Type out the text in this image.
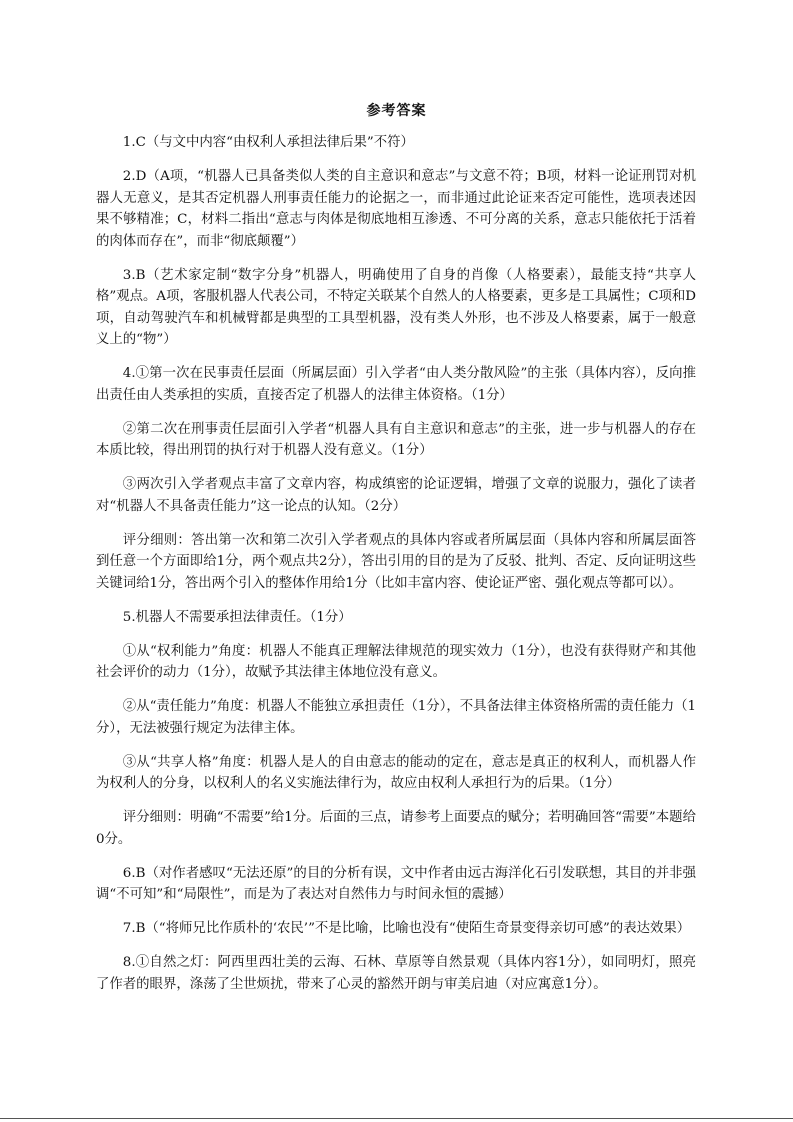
参考答案

1.C（与文中内容“由权利人承担法律后果”不符）

2.D（A项，“机器人已具备类似人类的自主意识和意志”与文意不符；B项，材料一论证刑罚对机器人无意义，是其否定机器人刑事责任能力的论据之一，而非通过此论证来否定可能性，选项表述因果不够精准；C，材料二指出“意志与肉体是彻底地相互渗透、不可分离的关系，意志只能依托于活着的肉体而存在”，而非“彻底颠覆”）

3.B（艺术家定制“数字分身”机器人，明确使用了自身的肖像（人格要素），最能支持“共享人格”观点。A项，客服机器人代表公司，不特定关联某个自然人的人格要素，更多是工具属性；C项和D项，自动驾驶汽车和机械臂都是典型的工具型机器，没有类人外形，也不涉及人格要素，属于一般意义上的“物”）

4.①第一次在民事责任层面（所属层面）引入学者“由人类分散风险”的主张（具体内容），反向推出责任由人类承担的实质，直接否定了机器人的法律主体资格。（1分）

②第二次在刑事责任层面引入学者“机器人具有自主意识和意志”的主张，进一步与机器人的存在本质比较，得出刑罚的执行对于机器人没有意义。（1分）

③两次引入学者观点丰富了文章内容，构成缜密的论证逻辑，增强了文章的说服力，强化了读者对“机器人不具备责任能力”这一论点的认知。（2分）

评分细则：答出第一次和第二次引入学者观点的具体内容或者所属层面（具体内容和所属层面答到任意一个方面即给1分，两个观点共2分），答出引用的目的是为了反驳、批判、否定、反向证明这些关键词给1分，答出两个引入的整体作用给1分（比如丰富内容、使论证严密、强化观点等都可以）。

5.机器人不需要承担法律责任。（1分）

①从“权利能力”角度：机器人不能真正理解法律规范的现实效力（1分），也没有获得财产和其他社会评价的动力（1分），故赋予其法律主体地位没有意义。

②从“责任能力”角度：机器人不能独立承担责任（1分），不具备法律主体资格所需的责任能力（1分），无法被强行规定为法律主体。

③从“共享人格”角度：机器人是人的自由意志的能动的定在，意志是真正的权利人，而机器人作为权利人的分身，以权利人的名义实施法律行为，故应由权利人承担行为的后果。（1分）

评分细则：明确“不需要”给1分。后面的三点，请参考上面要点的赋分；若明确回答“需要”本题给0分。

6.B（对作者感叹“无法还原”的目的分析有误，文中作者由远古海洋化石引发联想，其目的并非强调“不可知”和“局限性”，而是为了表达对自然伟力与时间永恒的震撼）

7.B（“将师兄比作质朴的‘农民’”不是比喻，比喻也没有“使陌生奇景变得亲切可感”的表达效果）

8.①自然之灯：阿西里西壮美的云海、石林、草原等自然景观（具体内容1分），如同明灯，照亮了作者的眼界，涤荡了尘世烦扰，带来了心灵的豁然开朗与审美启迪（对应寓意1分）。
